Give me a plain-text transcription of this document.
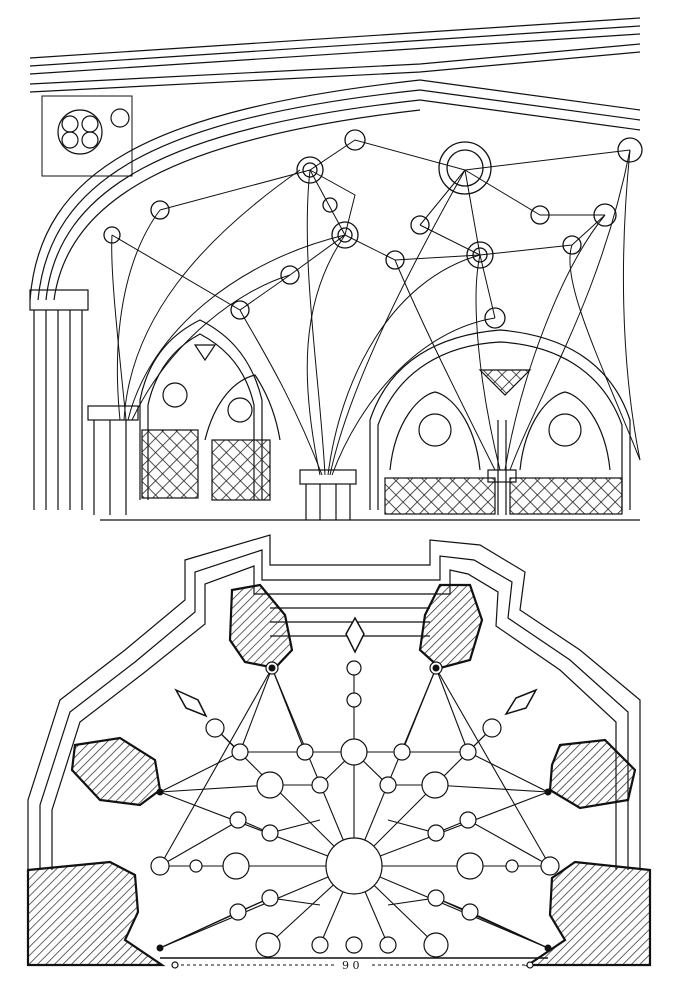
9 0
